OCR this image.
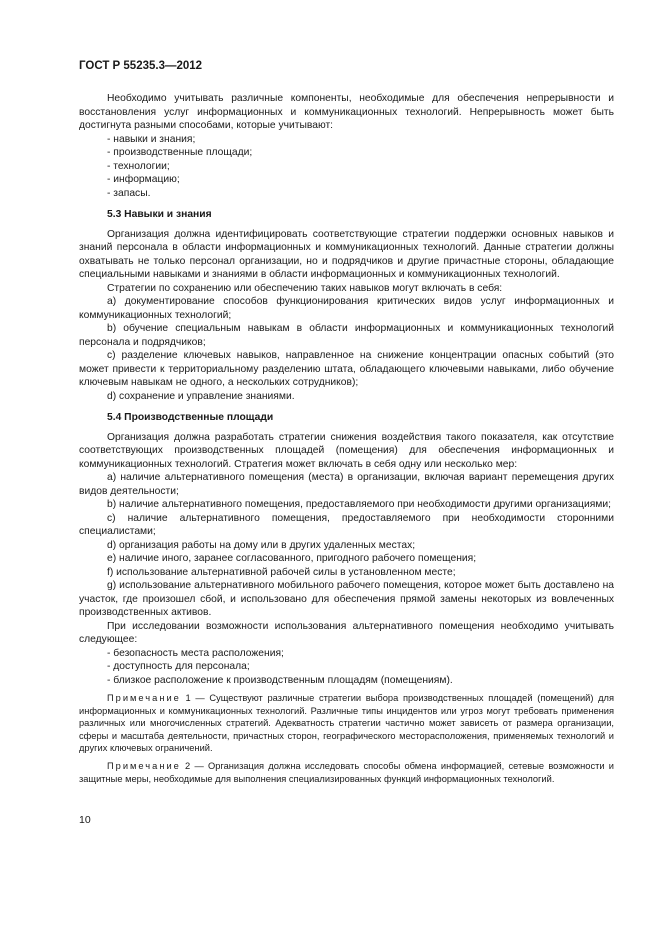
ГОСТ Р 55235.3—2012

Необходимо учитывать различные компоненты, необходимые для обеспечения непрерывности и восстановления услуг информационных и коммуникационных технологий. Непрерывность может быть достигнута разными способами, которые учитывают:

- навыки и знания;

- производственные площади;

- технологии;

- информацию;

- запасы.

5.3 Навыки и знания

Организация должна идентифицировать соответствующие стратегии поддержки основных навыков и знаний персонала в области информационных и коммуникационных технологий. Данные стратегии должны охватывать не только персонал организации, но и подрядчиков и другие причастные стороны, обладающие специальными навыками и знаниями в области информационных и коммуникационных технологий.

Стратегии по сохранению или обеспечению таких навыков могут включать в себя:

а) документирование способов функционирования критических видов услуг информационных и коммуникационных технологий;

b) обучение специальным навыкам в области информационных и коммуникационных технологий персонала и подрядчиков;

c) разделение ключевых навыков, направленное на снижение концентрации опасных событий (это может привести к территориальному разделению штата, обладающего ключевыми навыками, либо обучение ключевым навыкам не одного, а нескольких сотрудников);

d) сохранение и управление знаниями.

5.4 Производственные площади

Организация должна разработать стратегии снижения воздействия такого показателя, как отсутствие соответствующих производственных площадей (помещения) для обеспечения информационных и коммуникационных технологий. Стратегия может включать в себя одну или несколько мер:

a) наличие альтернативного помещения (места) в организации, включая вариант перемещения других видов деятельности;

b) наличие альтернативного помещения, предоставляемого при необходимости другими организациями;

c) наличие альтернативного помещения, предоставляемого при необходимости сторонними специалистами;

d) организация работы на дому или в других удаленных местах;

e) наличие иного, заранее согласованного, пригодного рабочего помещения;

f) использование альтернативной рабочей силы в установленном месте;

g) использование альтернативного мобильного рабочего помещения, которое может быть доставлено на участок, где произошел сбой, и использовано для обеспечения прямой замены некоторых из вовлеченных производственных активов.

При исследовании возможности использования альтернативного помещения необходимо учитывать следующее:

- безопасность места расположения;

- доступность для персонала;

- близкое расположение к производственным площадям (помещениям).

Примечание 1 — Существуют различные стратегии выбора производственных площадей (помещений) для информационных и коммуникационных технологий. Различные типы инцидентов или угроз могут требовать применения различных или многочисленных стратегий. Адекватность стратегии частично может зависеть от размера организации, сферы и масштаба деятельности, причастных сторон, географического месторасположения, применяемых технологий и других ключевых ограничений.

Примечание 2 — Организация должна исследовать способы обмена информацией, сетевые возможности и защитные меры, необходимые для выполнения специализированных функций информационных технологий.

10
